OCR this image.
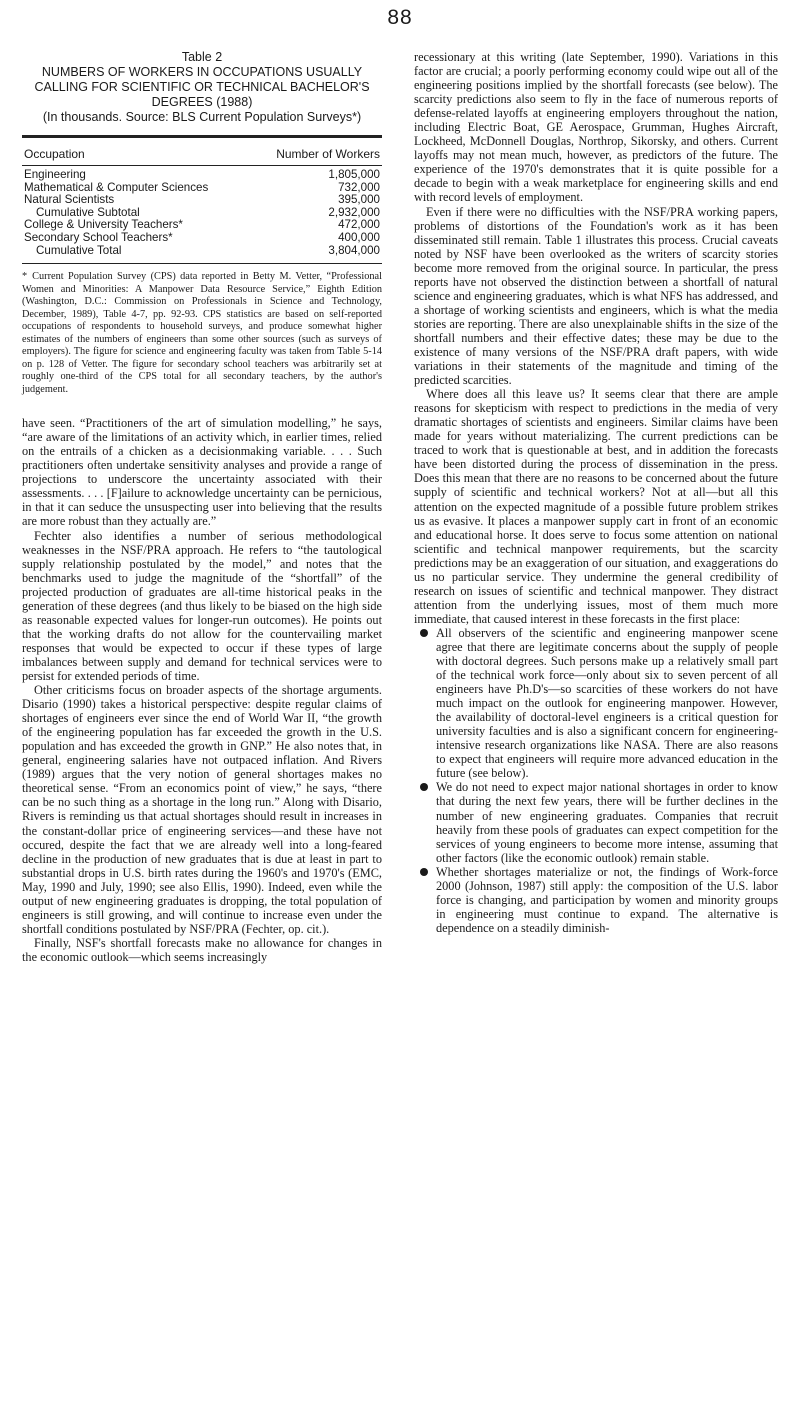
88
Table 2
NUMBERS OF WORKERS IN OCCUPATIONS USUALLY
CALLING FOR SCIENTIFIC OR TECHNICAL BACHELOR'S
DEGREES (1988)
(In thousands. Source: BLS Current Population Surveys*)
Occupation	Number of Workers
Engineering	1,805,000
Mathematical & Computer Sciences	732,000
Natural Scientists	395,000
Cumulative Subtotal	2,932,000
College & University Teachers*	472,000
Secondary School Teachers*	400,000
Cumulative Total	3,804,000
* Current Population Survey (CPS) data reported in Betty M. Vetter, “Professional Women and Minorities: A Manpower Data Resource Service,” Eighth Edition (Washington, D.C.: Commission on Professionals in Science and Technology, December, 1989), Table 4-7, pp. 92-93. CPS statistics are based on self-reported occupations of respondents to household surveys, and produce somewhat higher estimates of the numbers of engineers than some other sources (such as surveys of employers). The figure for science and engineering faculty was taken from Table 5-14 on p. 128 of Vetter. The figure for secondary school teachers was arbitrarily set at roughly one-third of the CPS total for all secondary teachers, by the author's judgement.

have seen. “Practitioners of the art of simulation modelling,” he says, “are aware of the limitations of an activity which, in earlier times, relied on the entrails of a chicken as a decisionmaking variable. . . . Such practitioners often undertake sensitivity analyses and provide a range of projections to underscore the uncertainty associated with their assessments. . . . [F]ailure to acknowledge uncertainty can be pernicious, in that it can seduce the unsuspecting user into believing that the results are more robust than they actually are.”

Fechter also identifies a number of serious methodological weaknesses in the NSF/PRA approach. He refers to “the tautological supply relationship postulated by the model,” and notes that the benchmarks used to judge the magnitude of the “shortfall” of the projected production of graduates are all-time historical peaks in the generation of these degrees (and thus likely to be biased on the high side as reasonable expected values for longer-run outcomes). He points out that the working drafts do not allow for the countervailing market responses that would be expected to occur if these types of large imbalances between supply and demand for technical services were to persist for extended periods of time.

Other criticisms focus on broader aspects of the shortage arguments. Disario (1990) takes a historical perspective: despite regular claims of shortages of engineers ever since the end of World War II, “the growth of the engineering population has far exceeded the growth in the U.S. population and has exceeded the growth in GNP.” He also notes that, in general, engineering salaries have not outpaced inflation. And Rivers (1989) argues that the very notion of general shortages makes no theoretical sense. “From an economics point of view,” he says, “there can be no such thing as a shortage in the long run.” Along with Disario, Rivers is reminding us that actual shortages should result in increases in the constant-dollar price of engineering services—and these have not occured, despite the fact that we are already well into a long-feared decline in the production of new graduates that is due at least in part to substantial drops in U.S. birth rates during the 1960's and 1970's (EMC, May, 1990 and July, 1990; see also Ellis, 1990). Indeed, even while the output of new engineering graduates is dropping, the total population of engineers is still growing, and will continue to increase even under the shortfall conditions postulated by NSF/PRA (Fechter, op. cit.).

Finally, NSF's shortfall forecasts make no allowance for changes in the economic outlook—which seems increasingly

recessionary at this writing (late September, 1990). Variations in this factor are crucial; a poorly performing economy could wipe out all of the engineering positions implied by the shortfall forecasts (see below). The scarcity predictions also seem to fly in the face of numerous reports of defense-related layoffs at engineering employers throughout the nation, including Electric Boat, GE Aerospace, Grumman, Hughes Aircraft, Lockheed, McDonnell Douglas, Northrop, Sikorsky, and others. Current layoffs may not mean much, however, as predictors of the future. The experience of the 1970's demonstrates that it is quite possible for a decade to begin with a weak marketplace for engineering skills and end with record levels of employment.

Even if there were no difficulties with the NSF/PRA working papers, problems of distortions of the Foundation's work as it has been disseminated still remain. Table 1 illustrates this process. Crucial caveats noted by NSF have been overlooked as the writers of scarcity stories become more removed from the original source. In particular, the press reports have not observed the distinction between a shortfall of natural science and engineering graduates, which is what NFS has addressed, and a shortage of working scientists and engineers, which is what the media stories are reporting. There are also unexplainable shifts in the size of the shortfall numbers and their effective dates; these may be due to the existence of many versions of the NSF/PRA draft papers, with wide variations in their statements of the magnitude and timing of the predicted scarcities.

Where does all this leave us? It seems clear that there are ample reasons for skepticism with respect to predictions in the media of very dramatic shortages of scientists and engineers. Similar claims have been made for years without materializing. The current predictions can be traced to work that is questionable at best, and in addition the forecasts have been distorted during the process of dissemination in the press. Does this mean that there are no reasons to be concerned about the future supply of scientific and technical workers? Not at all—but all this attention on the expected magnitude of a possible future problem strikes us as evasive. It places a manpower supply cart in front of an economic and educational horse. It does serve to focus some attention on national scientific and technical manpower requirements, but the scarcity predictions may be an exaggeration of our situation, and exaggerations do us no particular service. They undermine the general credibility of research on issues of scientific and technical manpower. They distract attention from the underlying issues, most of them much more immediate, that caused interest in these forecasts in the first place:

All observers of the scientific and engineering manpower scene agree that there are legitimate concerns about the supply of people with doctoral degrees. Such persons make up a relatively small part of the technical work force—only about six to seven percent of all engineers have Ph.D's—so scarcities of these workers do not have much impact on the outlook for engineering manpower. However, the availability of doctoral-level engineers is a critical question for university faculties and is also a significant concern for engineering-intensive research organizations like NASA. There are also reasons to expect that engineers will require more advanced education in the future (see below).
We do not need to expect major national shortages in order to know that during the next few years, there will be further declines in the number of new engineering graduates. Companies that recruit heavily from these pools of graduates can expect competition for the services of young engineers to become more intense, assuming that other factors (like the economic outlook) remain stable.
Whether shortages materialize or not, the findings of Work-force 2000 (Johnson, 1987) still apply: the composition of the U.S. labor force is changing, and participation by women and minority groups in engineering must continue to expand. The alternative is dependence on a steadily diminish-
